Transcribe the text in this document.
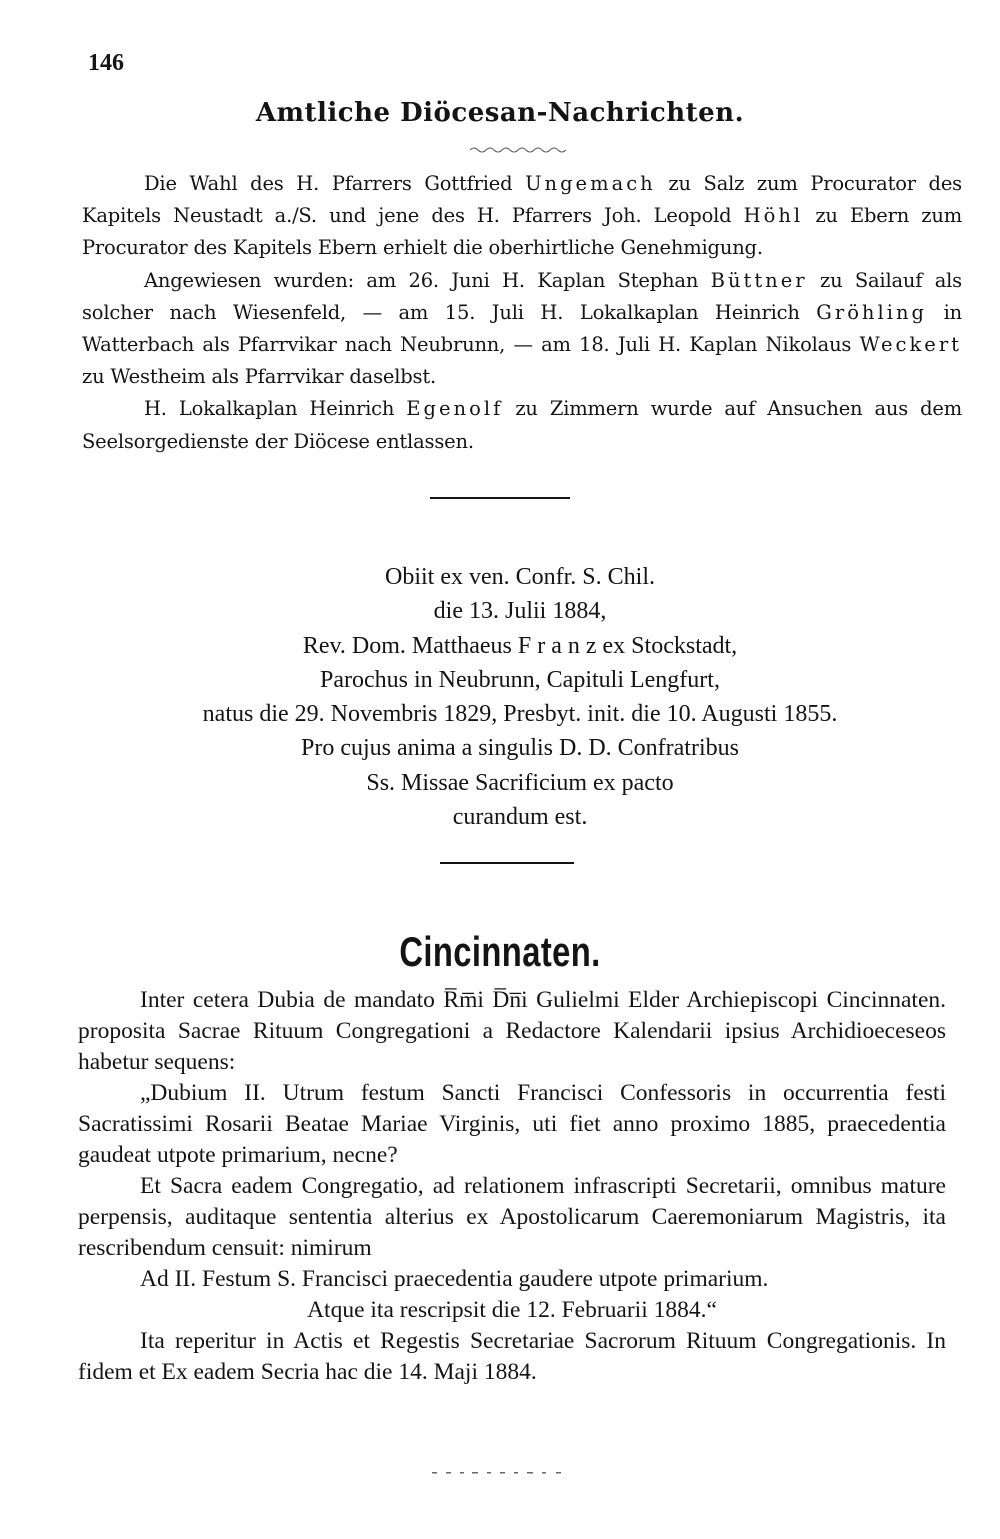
146
Amtliche Diöcesan-Nachrichten.

Die Wahl des H. Pfarrers Gottfried Ungemach zu Salz zum Procurator des Kapitels Neustadt a./S. und jene des H. Pfarrers Joh. Leopold Höhl zu Ebern zum Procurator des Kapitels Ebern erhielt die oberhirtliche Genehmigung.

Angewiesen wurden: am 26. Juni H. Kaplan Stephan Büttner zu Sailauf als solcher nach Wiesenfeld, — am 15. Juli H. Lokalkaplan Heinrich Gröhling in Watterbach als Pfarrvikar nach Neubrunn, — am 18. Juli H. Kaplan Nikolaus Weckert zu Westheim als Pfarrvikar daselbst.

H. Lokalkaplan Heinrich Egenolf zu Zimmern wurde auf Ansuchen aus dem Seelsorgedienste der Diöcese entlassen.

Obiit ex ven. Confr. S. Chil.
die 13. Julii 1884,
Rev. Dom. Matthaeus F r a n z ex Stockstadt,
Parochus in Neubrunn, Capituli Lengfurt,
natus die 29. Novembris 1829, Presbyt. init. die 10. Augusti 1855.
Pro cujus anima a singulis D. D. Confratribus
Ss. Missae Sacrificium ex pacto
curandum est.
Cincinnaten.

Inter cetera Dubia de mandato R̅m̅i D̅n̅i Gulielmi Elder Archiepiscopi Cincinnaten. proposita Sacrae Rituum Congregationi a Redactore Kalendarii ipsius Archidioeceseos habetur sequens:

„Dubium II. Utrum festum Sancti Francisci Confessoris in occurrentia festi Sacratissimi Rosarii Beatae Mariae Virginis, uti fiet anno proximo 1885, praecedentia gaudeat utpote primarium, necne?

Et Sacra eadem Congregatio, ad relationem infrascripti Secretarii, omnibus mature perpensis, auditaque sententia alterius ex Apostolicarum Caeremoniarum Magistris, ita rescribendum censuit: nimirum

Ad II. Festum S. Francisci praecedentia gaudere utpote primarium.

Atque ita rescripsit die 12. Februarii 1884.“

Ita reperitur in Actis et Regestis Secretariae Sacrorum Rituum Congregationis. In fidem et Ex eadem Secria hac die 14. Maji 1884.
